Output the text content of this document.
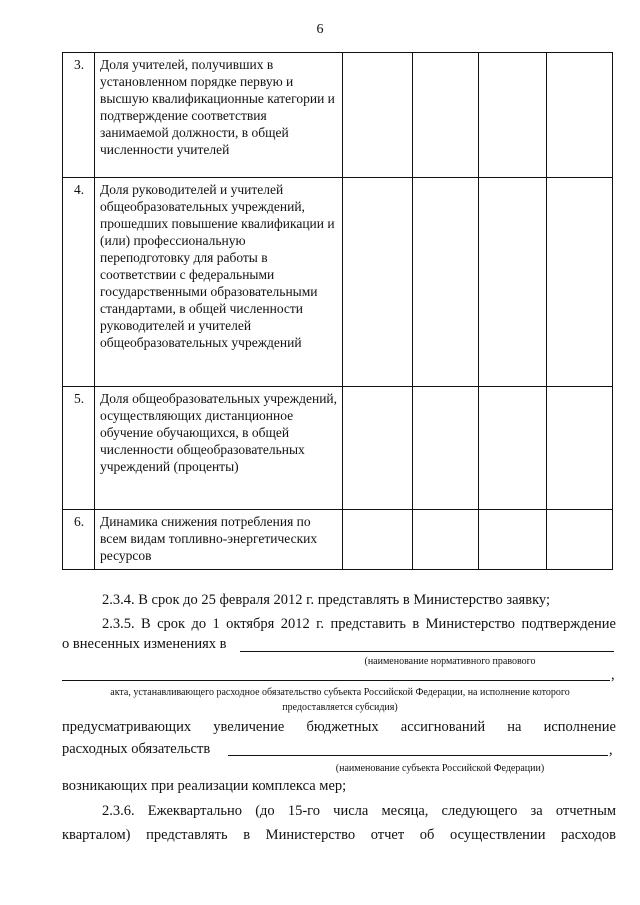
6
3.	Доля учителей, получивших в установленном порядке первую и высшую квалификационные категории и подтверждение соответствия занимаемой должности, в общей численности учителей				
4.	Доля руководителей и учителей общеобразовательных учреждений, прошедших повышение квалификации и (или) профессиональную переподготовку для работы в соответствии с федеральными государственными образовательными стандартами, в общей численности руководителей и учителей общеобразовательных учреждений				
5.	Доля общеобразовательных учреждений, осуществляющих дистанционное обучение обучающихся, в общей численности общеобразовательных учреждений (проценты)				
6.	Динамика снижения потребления по всем видам топливно-энергетических ресурсов				
2.3.4. В срок до 25 февраля 2012 г. представлять в Министерство заявку;
2.3.5. В срок до 1 октября 2012 г. представить в Министерство подтверждение
о внесенных изменениях в
(наименование нормативного правового
,
акта, устанавливающего расходное обязательство субъекта Российской Федерации, на исполнение которого
предоставляется субсидия)
предусматривающих увеличение бюджетных ассигнований на исполнение
расходных обязательств	,
(наименование субъекта Российской Федерации)
возникающих при реализации комплекса мер;
2.3.6. Ежеквартально (до 15-го числа месяца, следующего за отчетным
кварталом) представлять в Министерство отчет об осуществлении расходов
